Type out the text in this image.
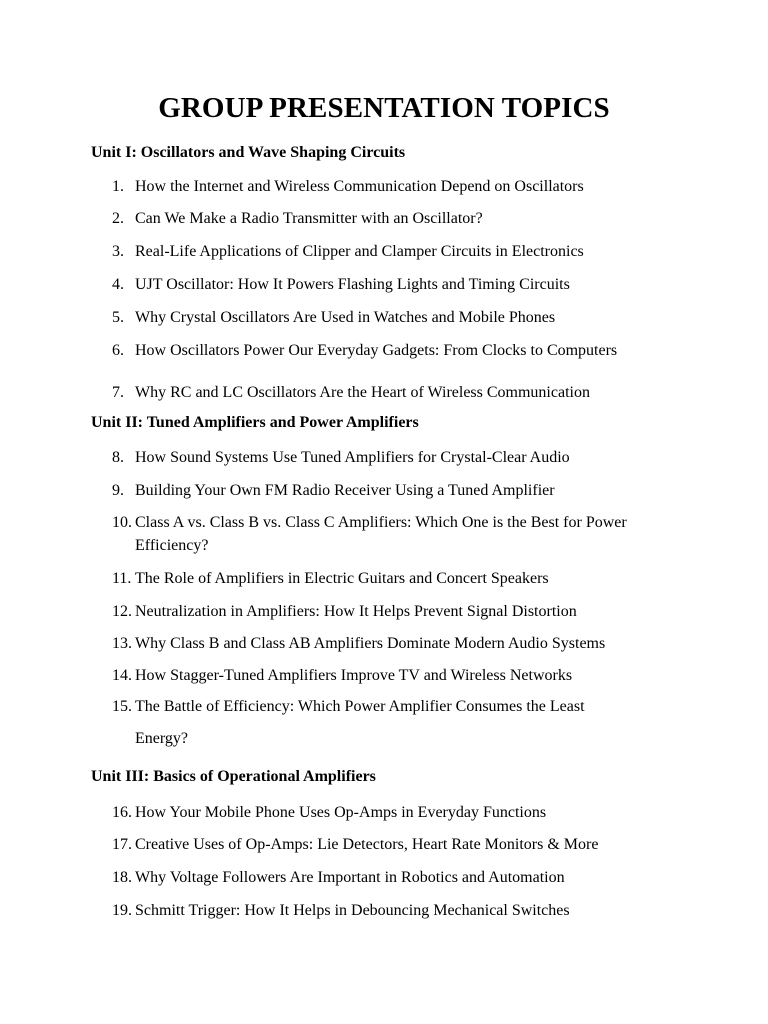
GROUP PRESENTATION TOPICS
Unit I: Oscillators and Wave Shaping Circuits
1. How the Internet and Wireless Communication Depend on Oscillators
2. Can We Make a Radio Transmitter with an Oscillator?
3. Real-Life Applications of Clipper and Clamper Circuits in Electronics
4. UJT Oscillator: How It Powers Flashing Lights and Timing Circuits
5. Why Crystal Oscillators Are Used in Watches and Mobile Phones
6. How Oscillators Power Our Everyday Gadgets: From Clocks to Computers
7. Why RC and LC Oscillators Are the Heart of Wireless Communication
Unit II: Tuned Amplifiers and Power Amplifiers
8. How Sound Systems Use Tuned Amplifiers for Crystal-Clear Audio
9. Building Your Own FM Radio Receiver Using a Tuned Amplifier
10. Class A vs. Class B vs. Class C Amplifiers: Which One is the Best for Power Efficiency?
11. The Role of Amplifiers in Electric Guitars and Concert Speakers
12. Neutralization in Amplifiers: How It Helps Prevent Signal Distortion
13. Why Class B and Class AB Amplifiers Dominate Modern Audio Systems
14. How Stagger-Tuned Amplifiers Improve TV and Wireless Networks
15. The Battle of Efficiency: Which Power Amplifier Consumes the Least Energy?
Unit III: Basics of Operational Amplifiers
16. How Your Mobile Phone Uses Op-Amps in Everyday Functions
17. Creative Uses of Op-Amps: Lie Detectors, Heart Rate Monitors & More
18. Why Voltage Followers Are Important in Robotics and Automation
19. Schmitt Trigger: How It Helps in Debouncing Mechanical Switches
